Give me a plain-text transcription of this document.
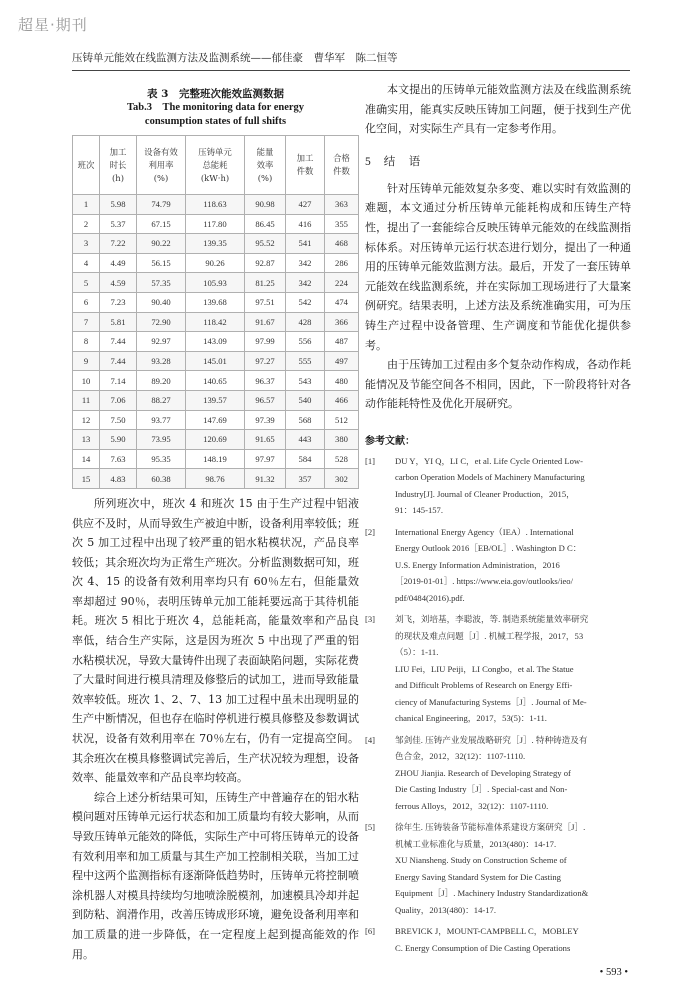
超星·期刊
压铸单元能效在线监测方法及监测系统——郁佳豪　曹华军　陈二恒等
表 3　完整班次能效监测数据
Tab.3　The monitoring data for energy
consumption states of full shifts
班次	加工
时长
(h)	设备有效
利用率
(%)	压铸单元
总能耗
(kW·h)	能量
效率
(%)	加工
件数	合格
件数
1	5.98	74.79	118.63	90.98	427	363
2	5.37	67.15	117.80	86.45	416	355
3	7.22	90.22	139.35	95.52	541	468
4	4.49	56.15	90.26	92.87	342	286
5	4.59	57.35	105.93	81.25	342	224
6	7.23	90.40	139.68	97.51	542	474
7	5.81	72.90	118.42	91.67	428	366
8	7.44	92.97	143.09	97.99	556	487
9	7.44	93.28	145.01	97.27	555	497
10	7.14	89.20	140.65	96.37	543	480
11	7.06	88.27	139.57	96.57	540	466
12	7.50	93.77	147.69	97.39	568	512
13	5.90	73.95	120.69	91.65	443	380
14	7.63	95.35	148.19	97.97	584	528
15	4.83	60.38	98.76	91.32	357	302

所列班次中，班次 4 和班次 15 由于生产过程中铝液供应不及时，从而导致生产被迫中断，设备利用率较低；班次 5 加工过程中出现了较严重的铝水粘模状况，产品良率较低；其余班次均为正常生产班次。分析监测数据可知，班次 4、15 的设备有效利用率均只有 60％左右，但能量效率却超过 90％，表明压铸单元加工能耗要远高于其待机能耗。班次 5 相比于班次 4，总能耗高，能量效率和产品良率低，结合生产实际，这是因为班次 5 中出现了严重的铝水粘模状况，导致大量铸件出现了表面缺陷问题，实际花费了大量时间进行模具清理及修整后的试加工，进而导致能量效率较低。班次 1、2、7、13 加工过程中虽未出现明显的生产中断情况，但也存在临时停机进行模具修整及参数调试状况，设备有效利用率在 70％左右，仍有一定提高空间。其余班次在模具修整调试完善后，生产状况较为理想，设备效率、能量效率和产品良率均较高。

综合上述分析结果可知，压铸生产中普遍存在的铝水粘模问题对压铸单元运行状态和加工质量均有较大影响，从而导致压铸单元能效的降低，实际生产中可将压铸单元的设备有效利用率和加工质量与其生产加工控制相关联，当加工过程中这两个监测指标有逐渐降低趋势时，压铸单元将控制喷涂机器人对模具持续均匀地喷涂脱模剂，加速模具冷却并起到防粘、润滑作用，改善压铸成形环境，避免设备利用率和加工质量的进一步降低，在一定程度上起到提高能效的作用。

本文提出的压铸单元能效监测方法及在线监测系统准确实用，能真实反映压铸加工问题，便于找到生产优化空间，对实际生产具有一定参考作用。

5 结　语

针对压铸单元能效复杂多变、难以实时有效监测的难题，本文通过分析压铸单元能耗构成和压铸生产特性，提出了一套能综合反映压铸单元能效的在线监测指标体系。对压铸单元运行状态进行划分，提出了一种通用的压铸单元能效监测方法。最后，开发了一套压铸单元能效在线监测系统，并在实际加工现场进行了大量案例研究。结果表明，上述方法及系统准确实用，可为压铸生产过程中设备管理、生产调度和节能优化提供参考。

由于压铸加工过程由多个复杂动作构成，各动作耗能情况及节能空间各不相同，因此，下一阶段将针对各动作能耗特性及优化开展研究。

参考文献：
[1]	DU Y，YI Q，LI C，et al. Life Cycle Oriented Low-
carbon Operation Models of Machinery Manufacturing
Industry[J]. Journal of Cleaner Production，2015，
91：145-157.
[2]	International Energy Agency（IEA）. International
Energy Outlook 2016［EB/OL］. Washington D C：
U.S. Energy Information Administration，2016
［2019-01-01］. https://www.eia.gov/outlooks/ieo/
pdf/0484(2016).pdf.
[3]	刘飞，刘培基，李聪波，等. 制造系统能量效率研究
的现状及难点问题［J］. 机械工程学报，2017，53
（5）：1-11.
LIU Fei，LIU Peiji，LI Congbo，et al. The Statue
and Difficult Problems of Research on Energy Effi-
ciency of Manufacturing Systems［J］. Journal of Me-
chanical Engineering，2017，53(5)：1-11.
[4]	邹剑佳. 压铸产业发展战略研究［J］. 特种铸造及有
色合金，2012，32(12)：1107-1110.
ZHOU Jianjia. Research of Developing Strategy of
Die Casting Industry［J］. Special-cast and Non-
ferrous Alloys，2012，32(12)：1107-1110.
[5]	徐年生. 压铸装备节能标准体系建设方案研究［J］.
机械工业标准化与质量，2013(480)：14-17.
XU Niansheng. Study on Construction Scheme of
Energy Saving Standard System for Die Casting
Equipment［J］. Machinery Industry Standardization&
Quality，2013(480)：14-17.
[6]	BREVICK J，MOUNT-CAMPBELL C，MOBLEY
C. Energy Consumption of Die Casting Operations
• 593 •
